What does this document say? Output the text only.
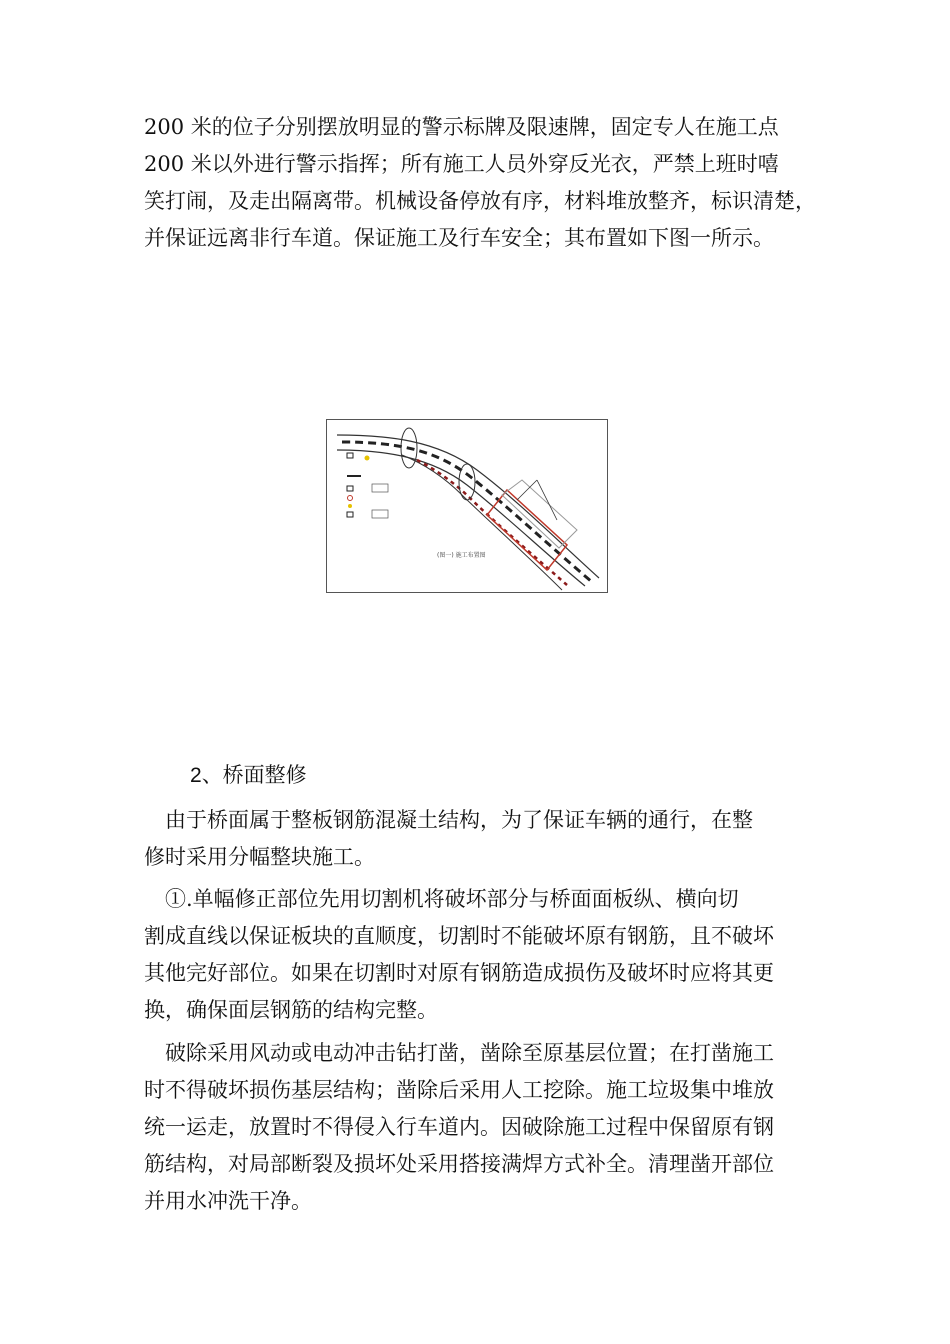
200 米的位子分别摆放明显的警示标牌及限速牌，固定专人在施工点
200 米以外进行警示指挥；所有施工人员外穿反光衣，严禁上班时嘻
笑打闹，及走出隔离带。机械设备停放有序，材料堆放整齐，标识清楚，
并保证远离非行车道。保证施工及行车安全；其布置如下图一所示。
(图一) 施工布置图
2、桥面整修
　由于桥面属于整板钢筋混凝土结构，为了保证车辆的通行，在整
修时采用分幅整块施工。
　①.单幅修正部位先用切割机将破坏部分与桥面面板纵、横向切
割成直线以保证板块的直顺度，切割时不能破坏原有钢筋，且不破坏
其他完好部位。如果在切割时对原有钢筋造成损伤及破坏时应将其更
换，确保面层钢筋的结构完整。
　破除采用风动或电动冲击钻打凿，凿除至原基层位置；在打凿施工
时不得破坏损伤基层结构；凿除后采用人工挖除。施工垃圾集中堆放
统一运走，放置时不得侵入行车道内。因破除施工过程中保留原有钢
筋结构，对局部断裂及损坏处采用搭接满焊方式补全。清理凿开部位
并用水冲洗干净。
